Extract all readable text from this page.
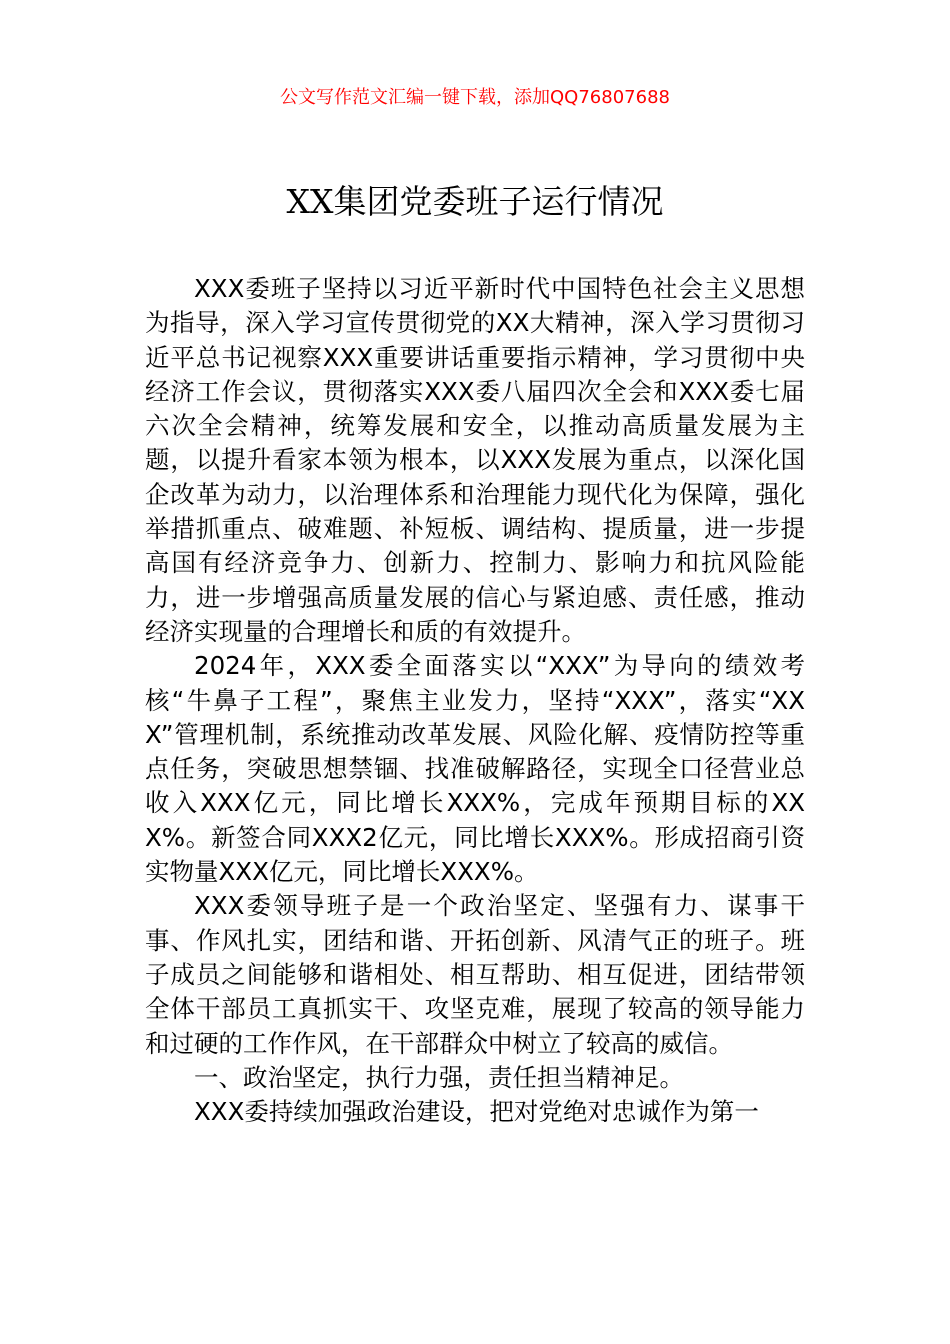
公文写作范文汇编一键下载，添加QQ76807688
XX集团党委班子运行情况

XXX委班子坚持以习近平新时代中国特色社会主义思想为指导，深入学习宣传贯彻党的XX大精神，深入学习贯彻习近平总书记视察XXX重要讲话重要指示精神，学习贯彻中央经济工作会议，贯彻落实XXX委八届四次全会和XXX委七届六次全会精神，统筹发展和安全，以推动高质量发展为主题，以提升看家本领为根本，以XXX发展为重点，以深化国企改革为动力，以治理体系和治理能力现代化为保障，强化举措抓重点、破难题、补短板、调结构、提质量，进一步提高国有经济竞争力、创新力、控制力、影响力和抗风险能力，进一步增强高质量发展的信心与紧迫感、责任感，推动经济实现量的合理增长和质的有效提升。

2024年，XXX委全面落实以“XXX”为导向的绩效考核“牛鼻子工程”，聚焦主业发力，坚持“XXX”，落实“XXX”管理机制，系统推动改革发展、风险化解、疫情防控等重点任务，突破思想禁锢、找准破解路径，实现全口径营业总收入XXX亿元，同比增长XXX%，完成年预期目标的XXX%。新签合同XXX2亿元，同比增长XXX%。形成招商引资实物量XXX亿元，同比增长XXX%。

XXX委领导班子是一个政治坚定、坚强有力、谋事干事、作风扎实，团结和谐、开拓创新、风清气正的班子。班子成员之间能够和谐相处、相互帮助、相互促进，团结带领全体干部员工真抓实干、攻坚克难，展现了较高的领导能力和过硬的工作作风，在干部群众中树立了较高的威信。

一、政治坚定，执行力强，责任担当精神足。

XXX委持续加强政治建设，把对党绝对忠诚作为第一
